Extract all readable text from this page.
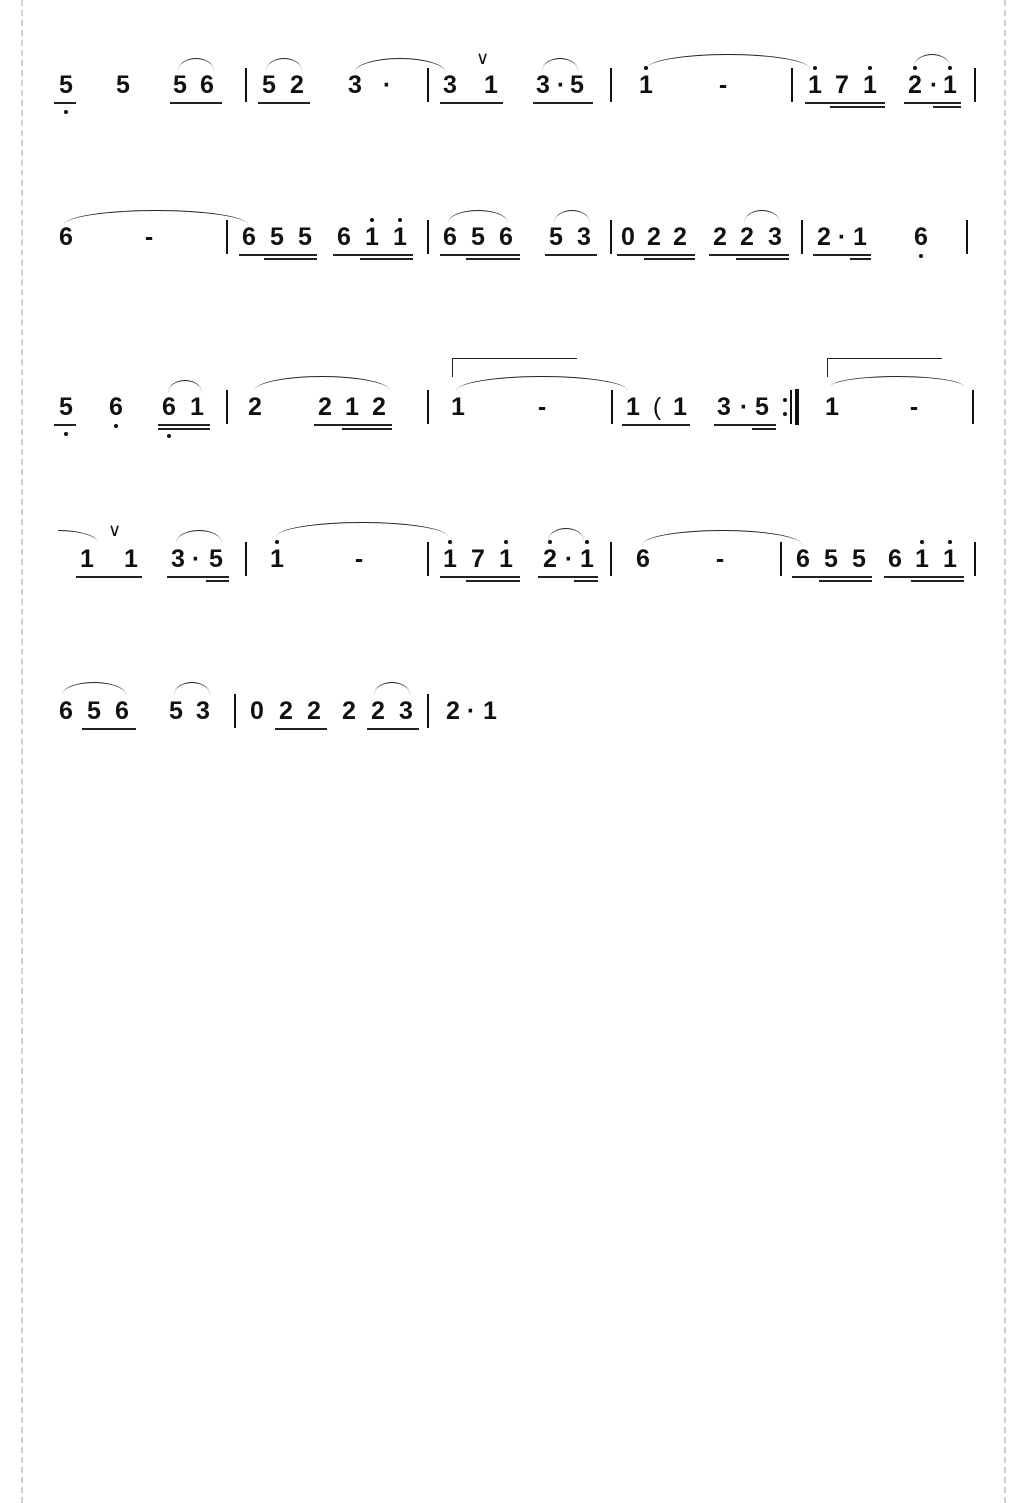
5 5 5 6 5 2 3 · 3 1
∨
3 · 5 1	-	1 7 1 2 · 1
6	-	6 5 5 6 1 1 6 5 6 5 3 0 2 2 2 2 3 2 · 1 6
5 6 6 1 2 2 1 2	1	-	1 ( 1 3 · 5 1	-
1 1
∨
3 · 5 1	-	1 7 1 2 · 1 6	-	6 5 5 6 1 1
6 5 6 5 3 0 2 2 2 2 3 2 · 1
